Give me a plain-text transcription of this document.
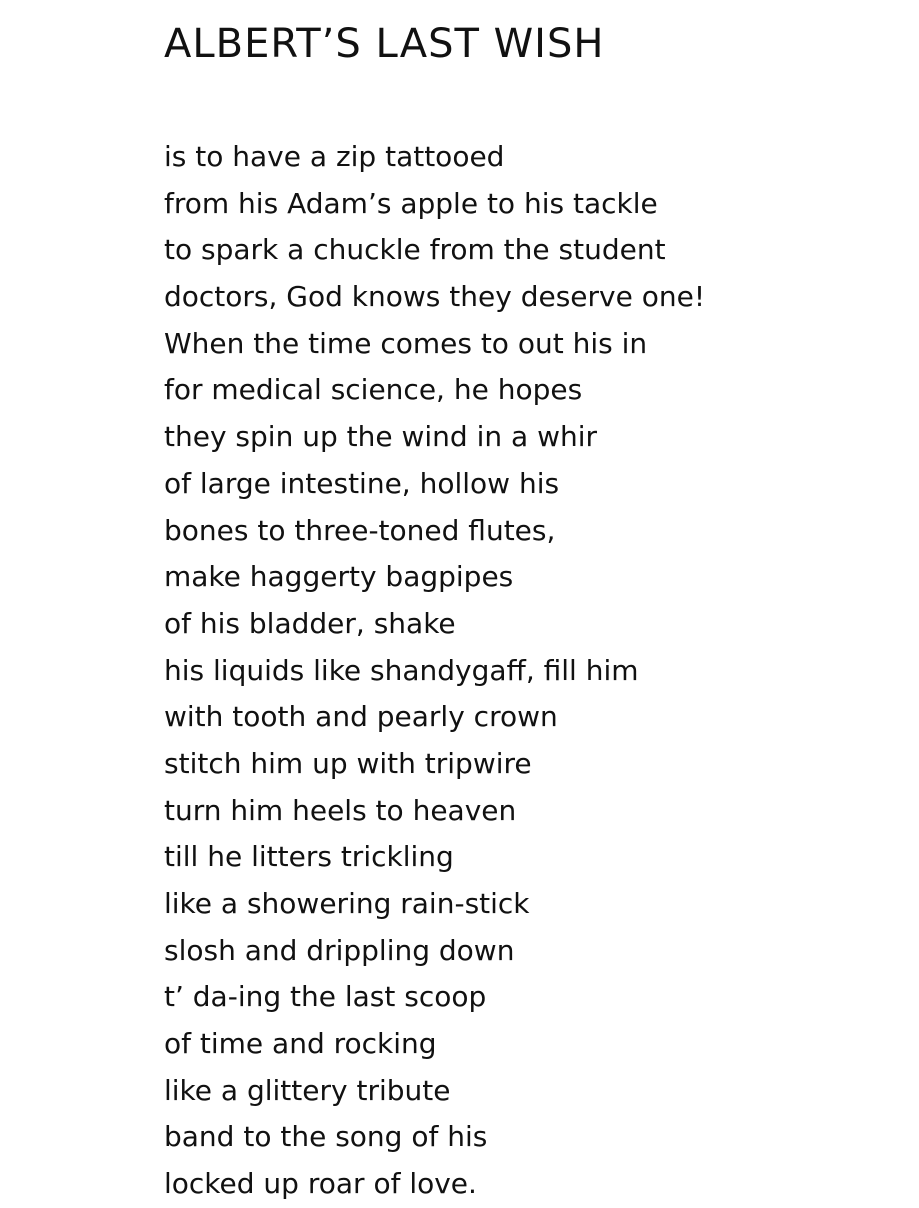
ALBERT’S LAST WISH
is to have a zip tattooed
from his Adam’s apple to his tackle
to spark a chuckle from the student
doctors, God knows they deserve one!
When the time comes to out his in
for medical science, he hopes
they spin up the wind in a whir
of large intestine, hollow his
bones to three-toned flutes,
make haggerty bagpipes
of his bladder, shake
his liquids like shandygaff, fill him
with tooth and pearly crown
stitch him up with tripwire
turn him heels to heaven
till he litters trickling
like a showering rain-stick
slosh and drippling down
t’ da-ing the last scoop
of time and rocking
like a glittery tribute
band to the song of his
locked up roar of love.
